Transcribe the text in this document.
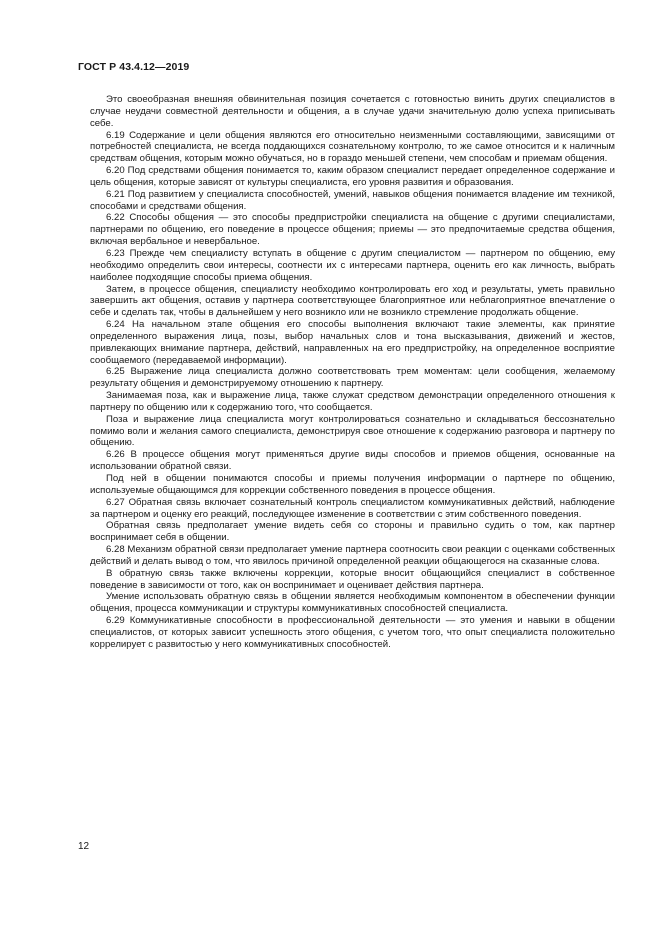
ГОСТ Р 43.4.12—2019

Это своеобразная внешняя обвинительная позиция сочетается с готовностью винить других специалистов в случае неудачи совместной деятельности и общения, а в случае удачи значительную долю успеха приписывать себе.

6.19 Содержание и цели общения являются его относительно неизменными составляющими, зависящими от потребностей специалиста, не всегда поддающихся сознательному контролю, то же самое относится и к наличным средствам общения, которым можно обучаться, но в гораздо меньшей степени, чем способам и приемам общения.

6.20 Под средствами общения понимается то, каким образом специалист передает определенное содержание и цель общения, которые зависят от культуры специалиста, его уровня развития и образования.

6.21 Под развитием у специалиста способностей, умений, навыков общения понимается владение им техникой, способами и средствами общения.

6.22 Способы общения — это способы предпристройки специалиста на общение с другими специалистами, партнерами по общению, его поведение в процессе общения; приемы — это предпочитаемые средства общения, включая вербальное и невербальное.

6.23 Прежде чем специалисту вступать в общение с другим специалистом — партнером по общению, ему необходимо определить свои интересы, соотнести их с интересами партнера, оценить его как личность, выбрать наиболее подходящие способы приема общения.

Затем, в процессе общения, специалисту необходимо контролировать его ход и результаты, уметь правильно завершить акт общения, оставив у партнера соответствующее благоприятное или неблагоприятное впечатление о себе и сделать так, чтобы в дальнейшем у него возникло или не возникло стремление продолжать общение.

6.24 На начальном этапе общения его способы выполнения включают такие элементы, как принятие определенного выражения лица, позы, выбор начальных слов и тона высказывания, движений и жестов, привлекающих внимание партнера, действий, направленных на его предпристройку, на определенное восприятие сообщаемого (передаваемой информации).

6.25 Выражение лица специалиста должно соответствовать трем моментам: цели сообщения, желаемому результату общения и демонстрируемому отношению к партнеру.

Занимаемая поза, как и выражение лица, также служат средством демонстрации определенного отношения к партнеру по общению или к содержанию того, что сообщается.

Поза и выражение лица специалиста могут контролироваться сознательно и складываться бессознательно помимо воли и желания самого специалиста, демонстрируя свое отношение к содержанию разговора и партнеру по общению.

6.26 В процессе общения могут применяться другие виды способов и приемов общения, основанные на использовании обратной связи.

Под ней в общении понимаются способы и приемы получения информации о партнере по общению, используемые общающимся для коррекции собственного поведения в процессе общения.

6.27 Обратная связь включает сознательный контроль специалистом коммуникативных действий, наблюдение за партнером и оценку его реакций, последующее изменение в соответствии с этим собственного поведения.

Обратная связь предполагает умение видеть себя со стороны и правильно судить о том, как партнер воспринимает себя в общении.

6.28 Механизм обратной связи предполагает умение партнера соотносить свои реакции с оценками собственных действий и делать вывод о том, что явилось причиной определенной реакции общающегося на сказанные слова.

В обратную связь также включены коррекции, которые вносит общающийся специалист в собственное поведение в зависимости от того, как он воспринимает и оценивает действия партнера.

Умение использовать обратную связь в общении является необходимым компонентом в обеспечении функции общения, процесса коммуникации и структуры коммуникативных способностей специалиста.

6.29 Коммуникативные способности в профессиональной деятельности — это умения и навыки в общении специалистов, от которых зависит успешность этого общения, с учетом того, что опыт специалиста положительно коррелирует с развитостью у него коммуникативных способностей.

12
